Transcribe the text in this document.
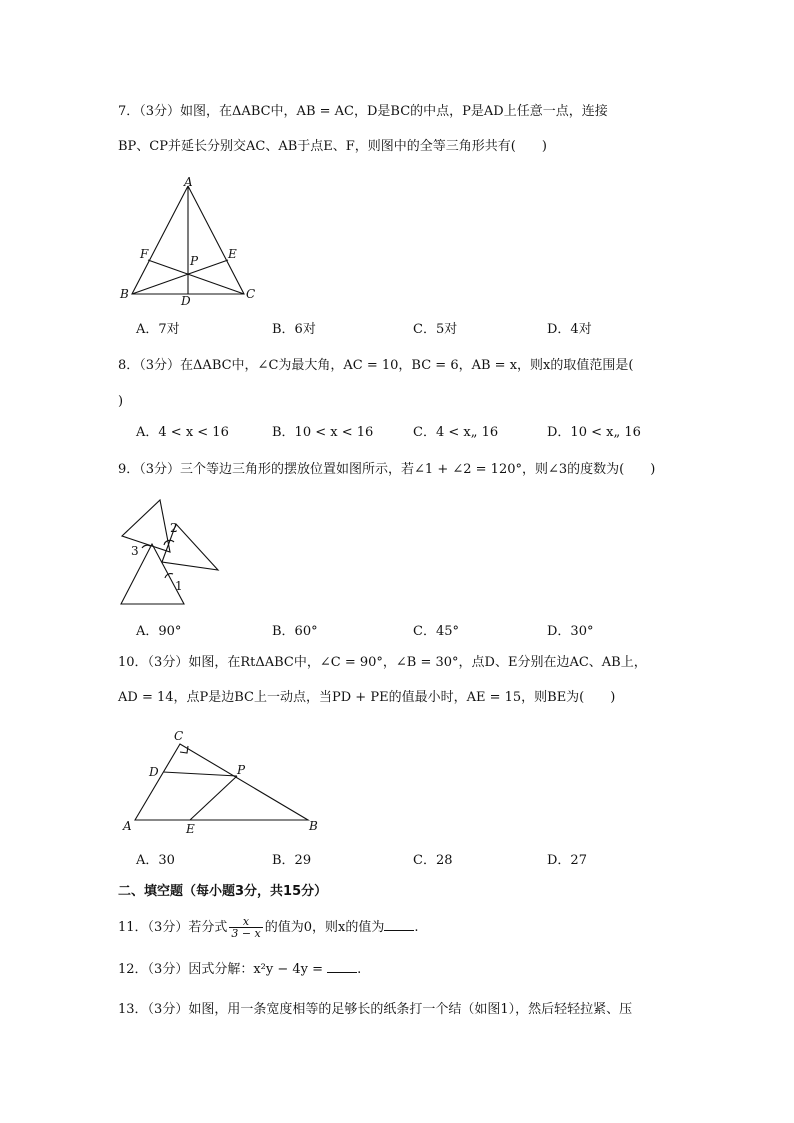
7．（3分）如图，在ΔABC中，AB = AC，D是BC的中点，P是AD上任意一点，连接
BP、CP并延长分别交AC、AB于点E、F，则图中的全等三角形共有(　　)
A
B	C
D
E
F	P
A．7对	B．6对	C．5对	D．4对
8．（3分）在ΔABC中，∠C为最大角，AC = 10，BC = 6，AB = x，则x的取值范围是(
)
A．4 < x < 16	B．10 < x < 16	C．4 < x„ 16	D．10 < x„ 16
9．（3分）三个等边三角形的摆放位置如图所示，若∠1 + ∠2 = 120°，则∠3的度数为(　　)
2
1
3
A．90°	B．60°	C．45°	D．30°
10．（3分）如图，在RtΔABC中，∠C = 90°，∠B = 30°，点D、E分别在边AC、AB上，
AD = 14，点P是边BC上一动点，当PD + PE的值最小时，AE = 15，则BE为(　　)
C
D	P
A	E	B
A．30	B．29	C．28	D．27
二、填空题（每小题3分，共15分）
11．（3分）若分式 $\frac{x}{3 - x}$ 的值为0，则x的值为 .
12．（3分）因式分解：x²y − 4y =	.
13．（3分）如图，用一条宽度相等的足够长的纸条打一个结（如图1），然后轻轻拉紧、压
